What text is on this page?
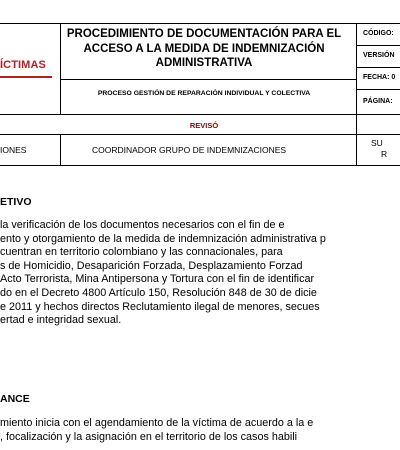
ÍCTIMAS
PROCEDIMIENTO DE DOCUMENTACIÓN PARA EL
ACCESO A LA MEDIDA DE INDEMNIZACIÓN
ADMINISTRATIVA
PROCESO GESTIÓN DE REPARACIÓN INDIVIDUAL Y COLECTIVA
CÓDIGO:
VERSIÓN
FECHA: 0
PÁGINA:
REVISÓ
IONES	COORDINADOR GRUPO DE INDEMNIZACIONES
SU
R
ETIVO
la verificación de los documentos necesarios con el fin de e
ento y otorgamiento de la medida de indemnización administrativa p
cuentran en territorio colombiano y las connacionales, para
s de Homicidio, Desaparición Forzada, Desplazamiento Forzad
Acto Terrorista, Mina Antipersona y Tortura con el fin de identificar
do en el Decreto 4800 Artículo 150, Resolución 848 de 30 de dicie
e 2011 y hechos directos Reclutamiento ilegal de menores, secues
ertad e integridad sexual.
ANCE
miento inicia con el agendamiento de la víctima de acuerdo a la e
, focalización y la asignación en el territorio de los casos habili
